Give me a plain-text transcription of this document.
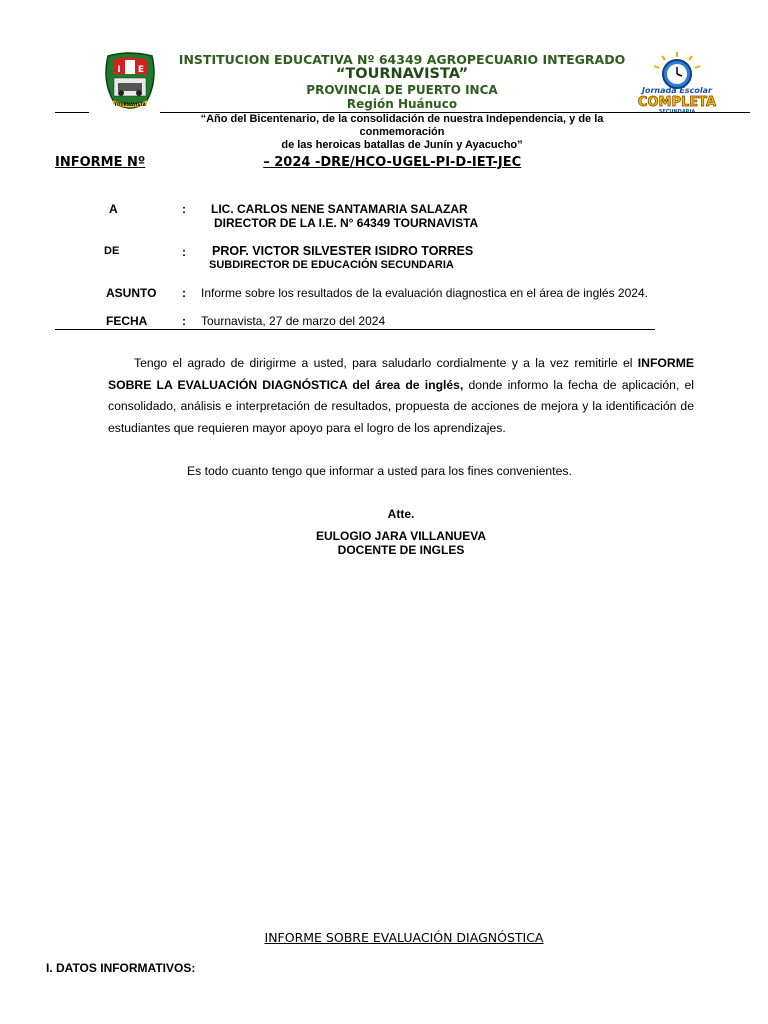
I E
TOURNAVISTA
INSTITUCION EDUCATIVA Nº 64349 AGROPECUARIO INTEGRADO
“TOURNAVISTA”
PROVINCIA DE PUERTO INCA
Región Huánuco
Jornada Escolar
COMPLETA
“Año del Bicentenario, de la consolidación de nuestra Independencia, y de la conmemoración
de las heroicas batallas de Junín y Ayacucho”
INFORME Nº	– 2024 -DRE/HCO-UGEL-PI-D-IET-JEC
A	: LIC. CARLOS NENE SANTAMARIA SALAZAR
DIRECTOR DE LA I.E. N° 64349 TOURNAVISTA
DE	: PROF. VICTOR SILVESTER ISIDRO TORRES
SUBDIRECTOR DE EDUCACIÓN SECUNDARIA
ASUNTO : Informe sobre los resultados de la evaluación diagnostica en el área de inglés 2024.
FECHA	: Tournavista, 27 de marzo del 2024
Tengo el agrado de dirigirme a usted, para saludarlo cordialmente y a la vez remitirle el INFORME SOBRE LA EVALUACIÓN DIAGNÓSTICA del área de inglés, donde informo la fecha de aplicación, el consolidado, análisis e interpretación de resultados, propuesta de acciones de mejora y la identificación de estudiantes que requieren mayor apoyo para el logro de los aprendizajes.
Es todo cuanto tengo que informar a usted para los fines convenientes.
Atte.
EULOGIO JARA VILLANUEVA
DOCENTE DE INGLES
INFORME SOBRE EVALUACIÓN DIAGNÓSTICA
I. DATOS INFORMATIVOS:
